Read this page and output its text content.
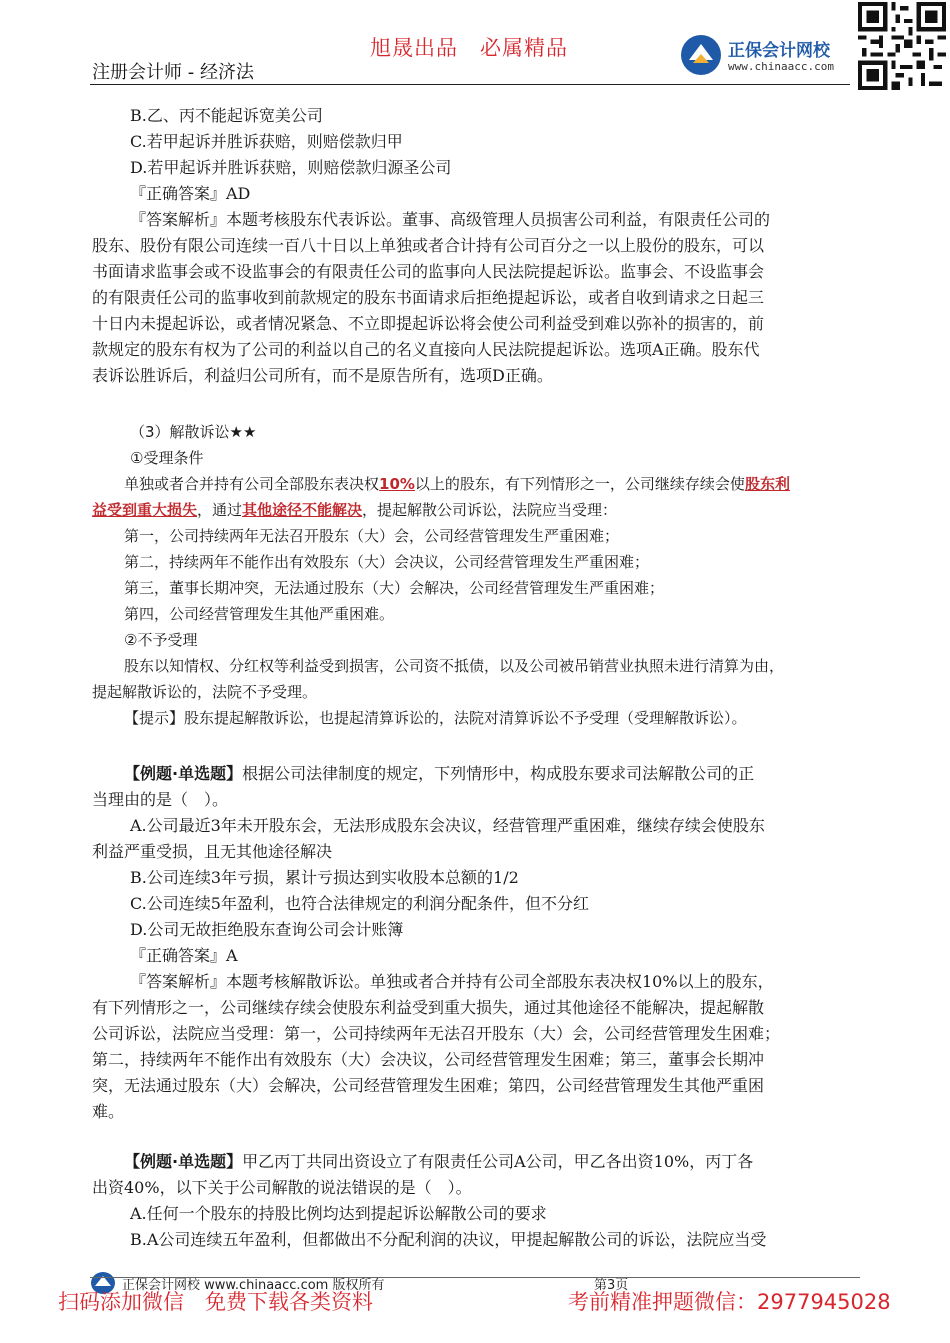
旭晟出品　必属精品
注册会计师 - 经济法
正保会计网校
www.chinaacc.com
B.乙、丙不能起诉宽美公司
C.若甲起诉并胜诉获赔，则赔偿款归甲
D.若甲起诉并胜诉获赔，则赔偿款归源圣公司
『正确答案』AD
『答案解析』本题考核股东代表诉讼。董事、高级管理人员损害公司利益，有限责任公司的
股东、股份有限公司连续一百八十日以上单独或者合计持有公司百分之一以上股份的股东，可以
书面请求监事会或不设监事会的有限责任公司的监事向人民法院提起诉讼。监事会、不设监事会
的有限责任公司的监事收到前款规定的股东书面请求后拒绝提起诉讼，或者自收到请求之日起三
十日内未提起诉讼，或者情况紧急、不立即提起诉讼将会使公司利益受到难以弥补的损害的，前
款规定的股东有权为了公司的利益以自己的名义直接向人民法院提起诉讼。选项A正确。股东代
表诉讼胜诉后，利益归公司所有，而不是原告所有，选项D正确。
（3）解散诉讼★★
①受理条件
单独或者合并持有公司全部股东表决权10%以上的股东，有下列情形之一，公司继续存续会使股东利
益受到重大损失，通过其他途径不能解决，提起解散公司诉讼，法院应当受理：
第一，公司持续两年无法召开股东（大）会，公司经营管理发生严重困难；
第二，持续两年不能作出有效股东（大）会决议，公司经营管理发生严重困难；
第三，董事长期冲突，无法通过股东（大）会解决，公司经营管理发生严重困难；
第四，公司经营管理发生其他严重困难。
②不予受理
股东以知情权、分红权等利益受到损害，公司资不抵债，以及公司被吊销营业执照未进行清算为由，
提起解散诉讼的，法院不予受理。
【提示】股东提起解散诉讼，也提起清算诉讼的，法院对清算诉讼不予受理（受理解散诉讼）。
【例题·单选题】根据公司法律制度的规定，下列情形中，构成股东要求司法解散公司的正
当理由的是（　）。
A.公司最近3年未开股东会，无法形成股东会决议，经营管理严重困难，继续存续会使股东
利益严重受损，且无其他途径解决
B.公司连续3年亏损，累计亏损达到实收股本总额的1/2
C.公司连续5年盈利，也符合法律规定的利润分配条件，但不分红
D.公司无故拒绝股东查询公司会计账簿
『正确答案』A
『答案解析』本题考核解散诉讼。单独或者合并持有公司全部股东表决权10%以上的股东，
有下列情形之一，公司继续存续会使股东利益受到重大损失，通过其他途径不能解决，提起解散
公司诉讼，法院应当受理：第一，公司持续两年无法召开股东（大）会，公司经营管理发生困难；
第二，持续两年不能作出有效股东（大）会决议，公司经营管理发生困难；第三，董事会长期冲
突，无法通过股东（大）会解决，公司经营管理发生困难；第四，公司经营管理发生其他严重困
难。
【例题·单选题】甲乙丙丁共同出资设立了有限责任公司A公司，甲乙各出资10%，丙丁各
出资40%，以下关于公司解散的说法错误的是（　）。
A.任何一个股东的持股比例均达到提起诉讼解散公司的要求
B.A公司连续五年盈利，但都做出不分配利润的决议，甲提起解散公司的诉讼，法院应当受
正保会计网校 www.chinaacc.com 版权所有	第3页
扫码添加微信　免费下载各类资料	考前精准押题微信：2977945028
